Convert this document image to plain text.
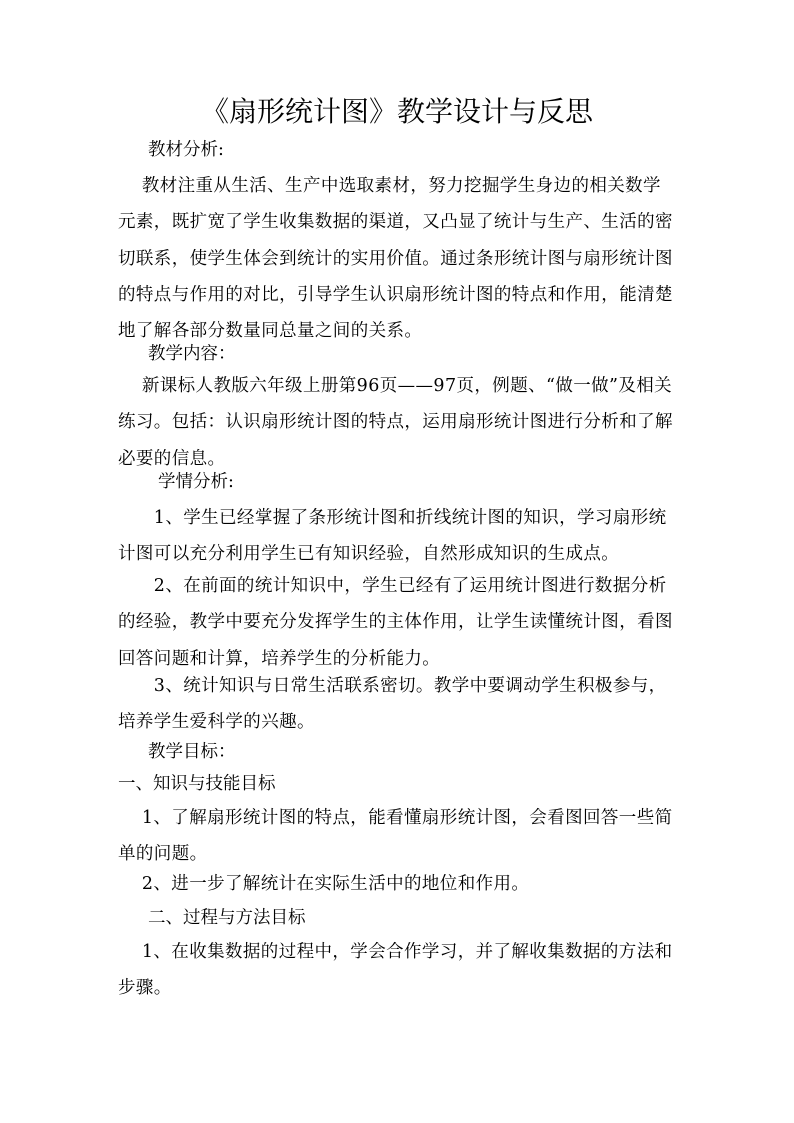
《扇形统计图》教学设计与反思

教材分析:

教材注重从生活、生产中选取素材，努力挖掘学生身边的相关数学元素，既扩宽了学生收集数据的渠道，又凸显了统计与生产、生活的密切联系，使学生体会到统计的实用价值。通过条形统计图与扇形统计图的特点与作用的对比，引导学生认识扇形统计图的特点和作用，能清楚地了解各部分数量同总量之间的关系。

教学内容：

新课标人教版六年级上册第96页——97页，例题、“做一做”及相关练习。包括：认识扇形统计图的特点，运用扇形统计图进行分析和了解必要的信息。

学情分析:

1、学生已经掌握了条形统计图和折线统计图的知识，学习扇形统计图可以充分利用学生已有知识经验，自然形成知识的生成点。

2、在前面的统计知识中，学生已经有了运用统计图进行数据分析的经验，教学中要充分发挥学生的主体作用，让学生读懂统计图，看图回答问题和计算，培养学生的分析能力。

3、统计知识与日常生活联系密切。教学中要调动学生积极参与，培养学生爱科学的兴趣。

教学目标：

一、知识与技能目标

1、了解扇形统计图的特点，能看懂扇形统计图，会看图回答一些简单的问题。

2、进一步了解统计在实际生活中的地位和作用。

二、过程与方法目标

1、在收集数据的过程中，学会合作学习，并了解收集数据的方法和步骤。
